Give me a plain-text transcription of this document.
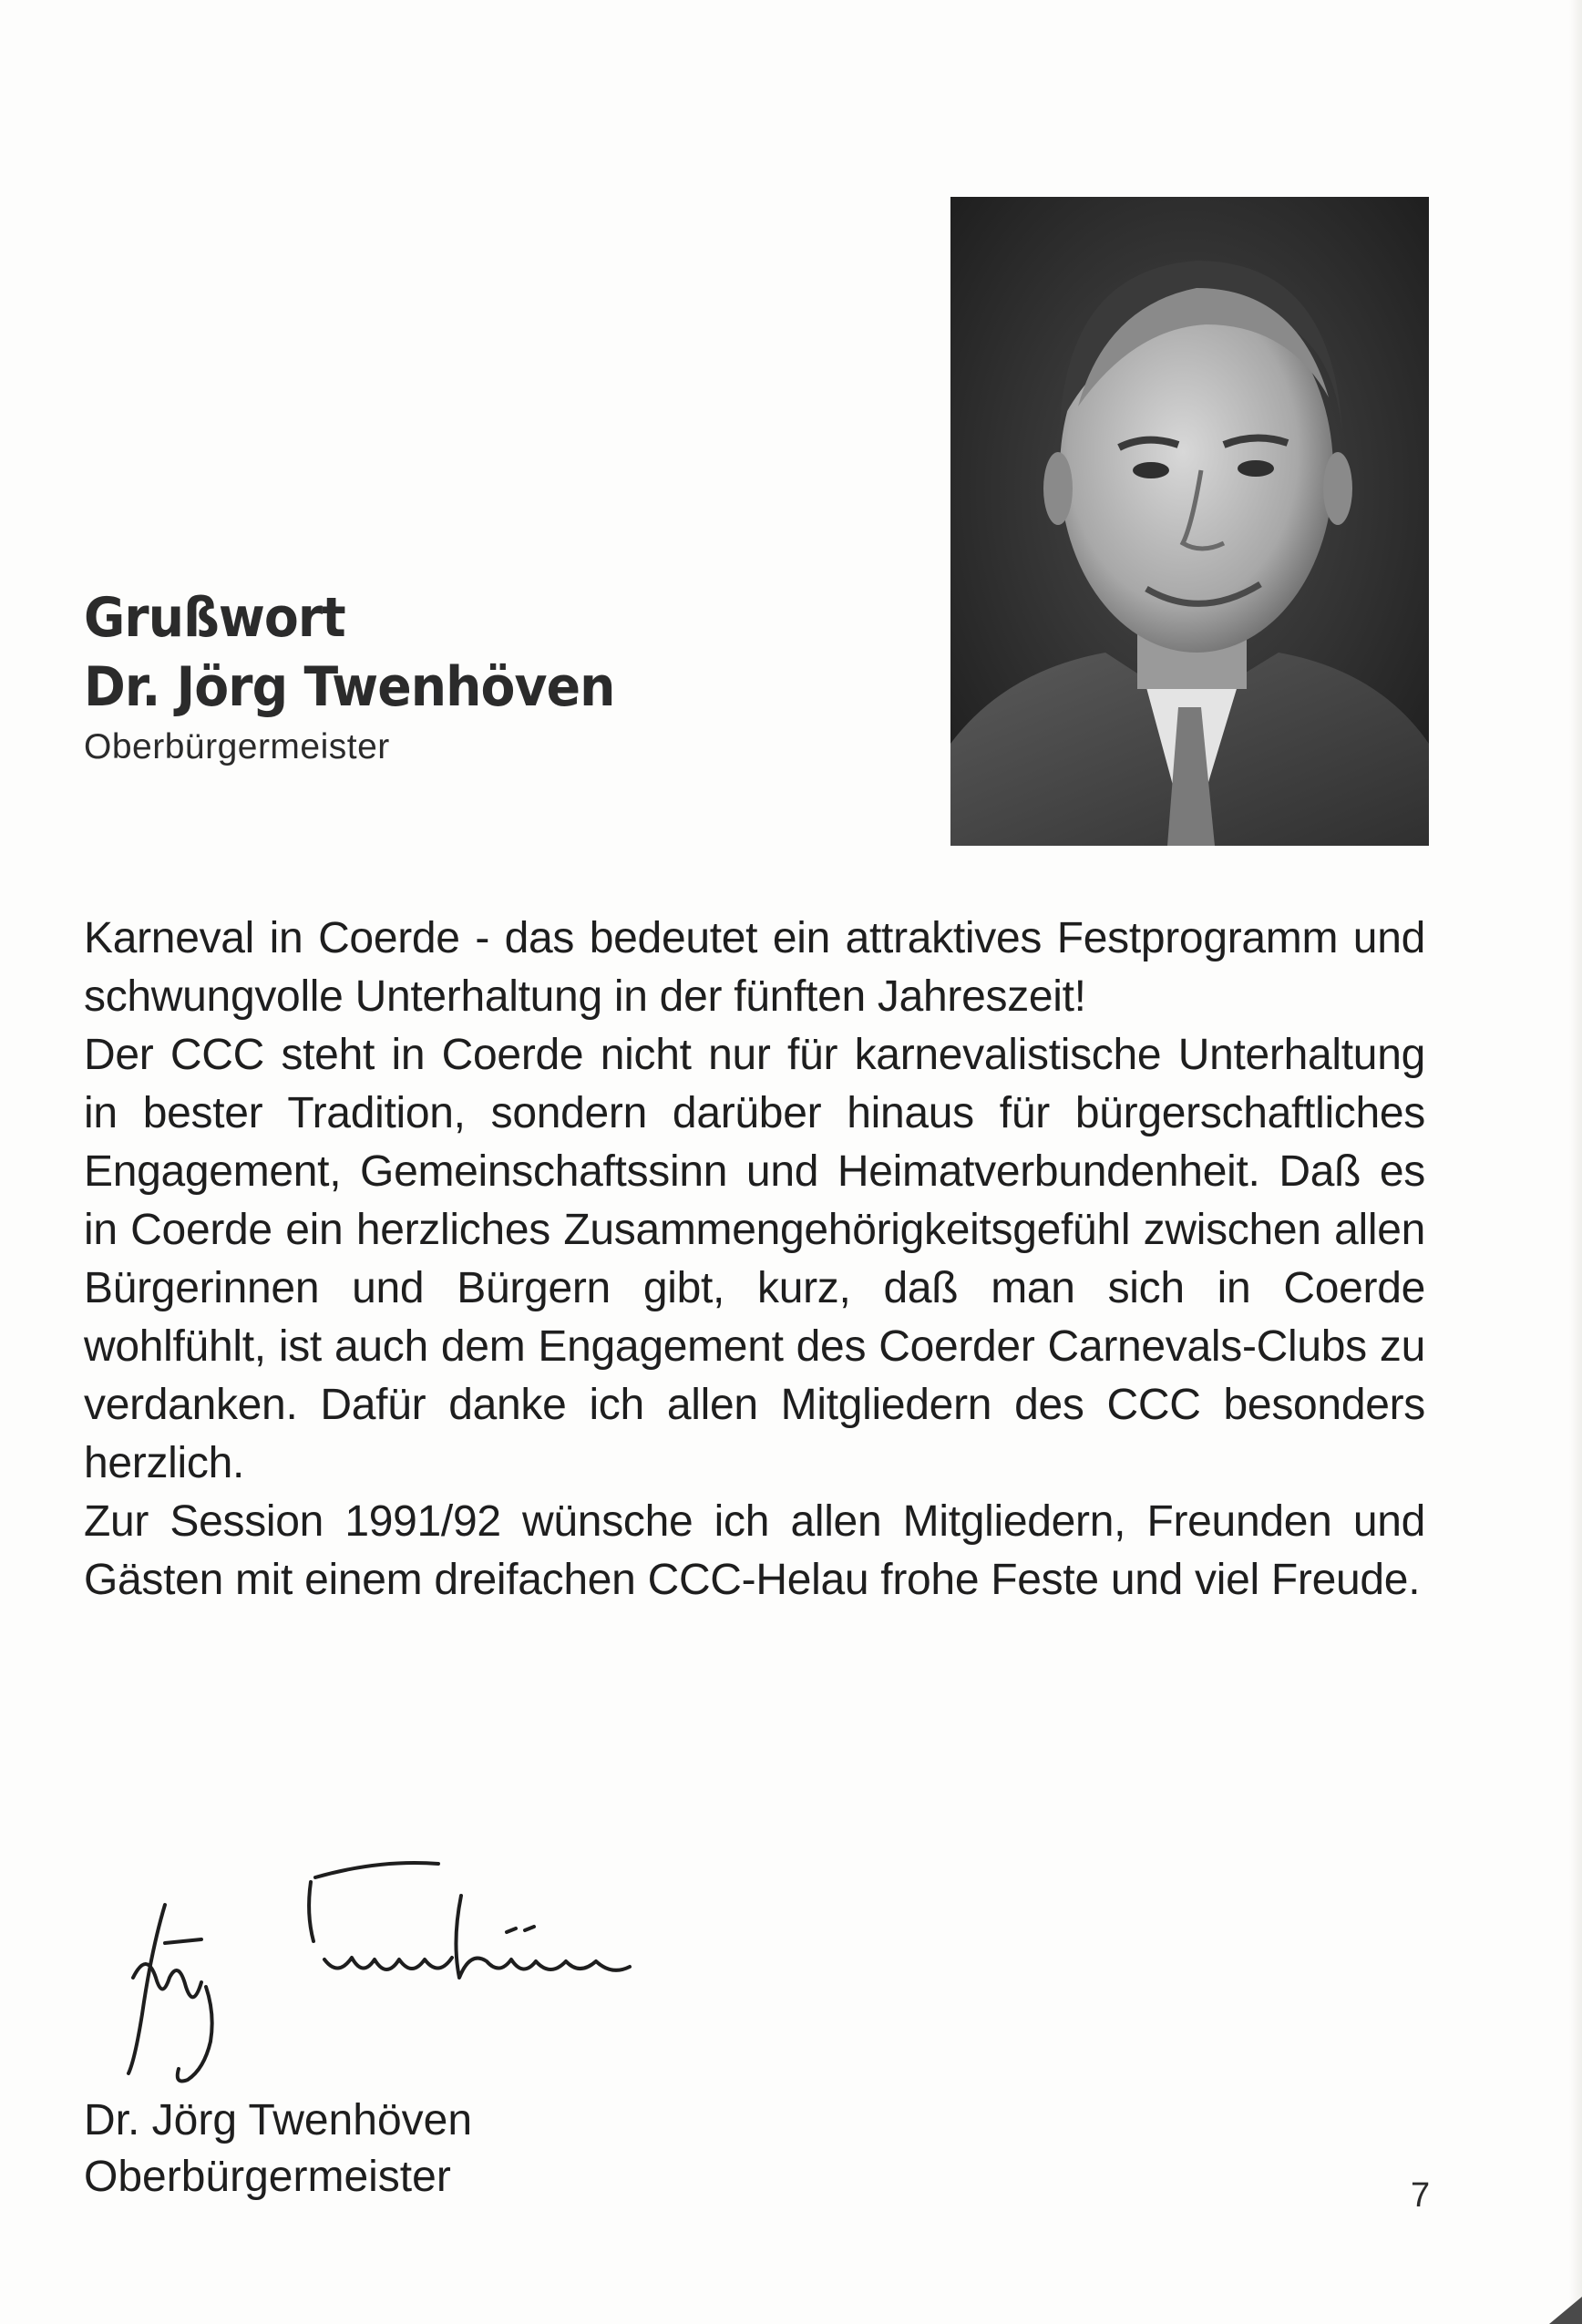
Grußwort
Dr. Jörg Twenhöven
Oberbürgermeister

Karneval in Coerde - das bedeutet ein attraktives Festprogramm und schwungvolle Unterhaltung in der fünften Jahreszeit!

Der CCC steht in Coerde nicht nur für karnevalistische Unterhaltung in bester Tradition, sondern darüber hinaus für bürgerschaftliches Engagement, Gemeinschaftssinn und Heimatverbundenheit. Daß es in Coerde ein herzliches Zusammengehörigkeitsgefühl zwischen allen Bürgerinnen und Bürgern gibt, kurz, daß man sich in Coerde wohlfühlt, ist auch dem Engagement des Coerder Carnevals-Clubs zu verdanken. Dafür danke ich allen Mitgliedern des CCC besonders herzlich.

Zur Session 1991/92 wünsche ich allen Mitgliedern, Freunden und Gästen mit einem dreifachen CCC-Helau frohe Feste und viel Freude.

Dr. Jörg Twenhöven
Oberbürgermeister	7
